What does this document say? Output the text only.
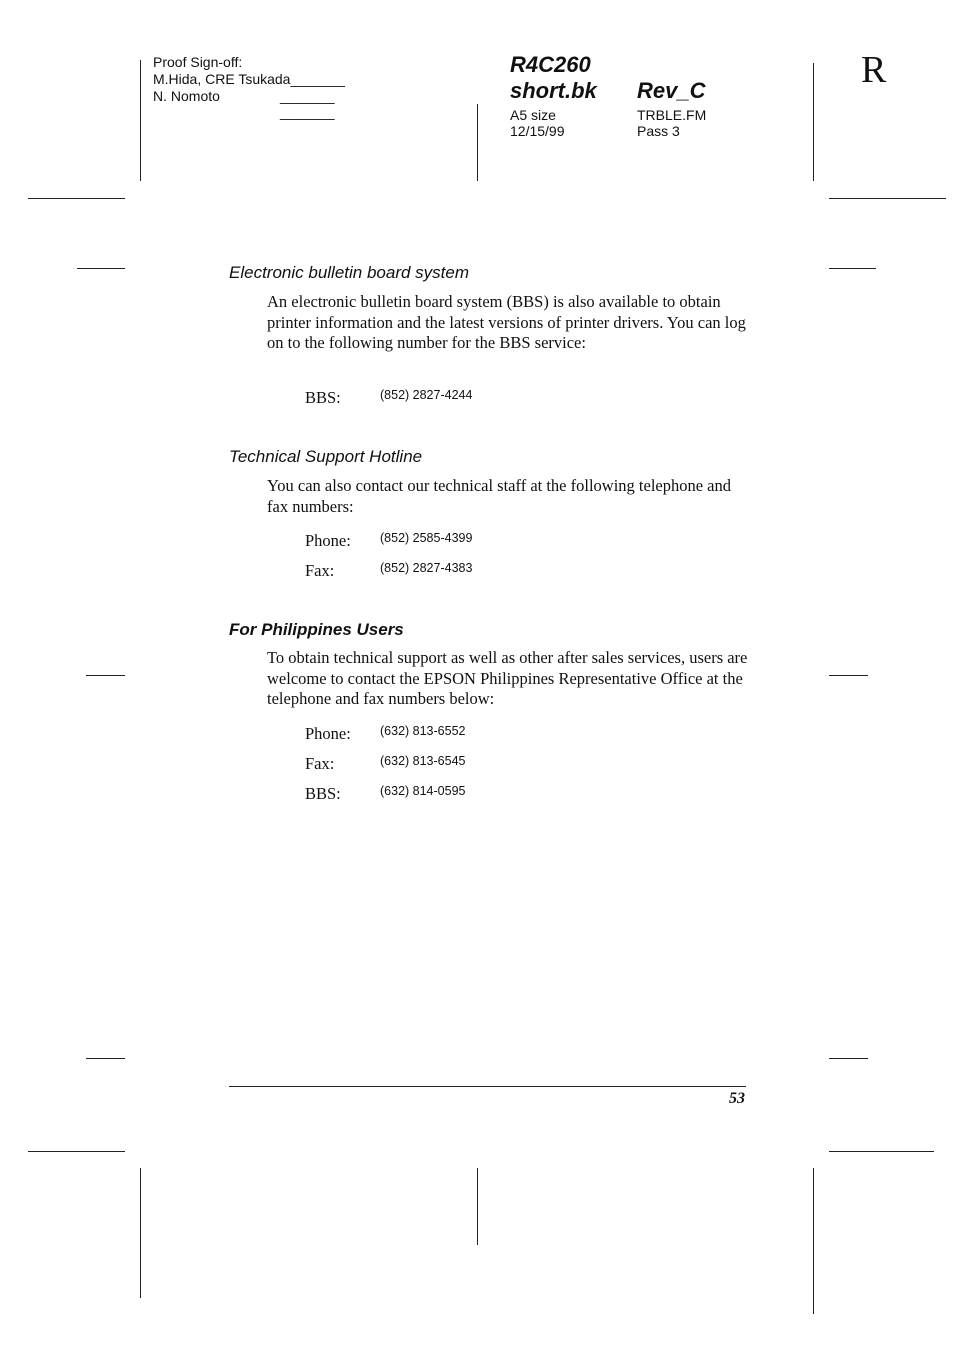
Proof Sign-off:
M.Hida, CRE Tsukada_______
N. Nomoto	_______
_______
R4C260
short.bk Rev_C
A5 size
12/15/99
TRBLE.FM
Pass 3
R
Electronic bulletin board system
An electronic bulletin board system (BBS) is also available to obtain printer information and the latest versions of printer drivers. You can log on to the following number for the BBS service:
BBS:	(852) 2827-4244
Technical Support Hotline
You can also contact our technical staff at the following telephone and fax numbers:
Phone: (852) 2585-4399
Fax:	(852) 2827-4383
For Philippines Users
To obtain technical support as well as other after sales services, users are welcome to contact the EPSON Philippines Representative Office at the telephone and fax numbers below:
Phone: (632) 813-6552
Fax:	(632) 813-6545
BBS:	(632) 814-0595
53
